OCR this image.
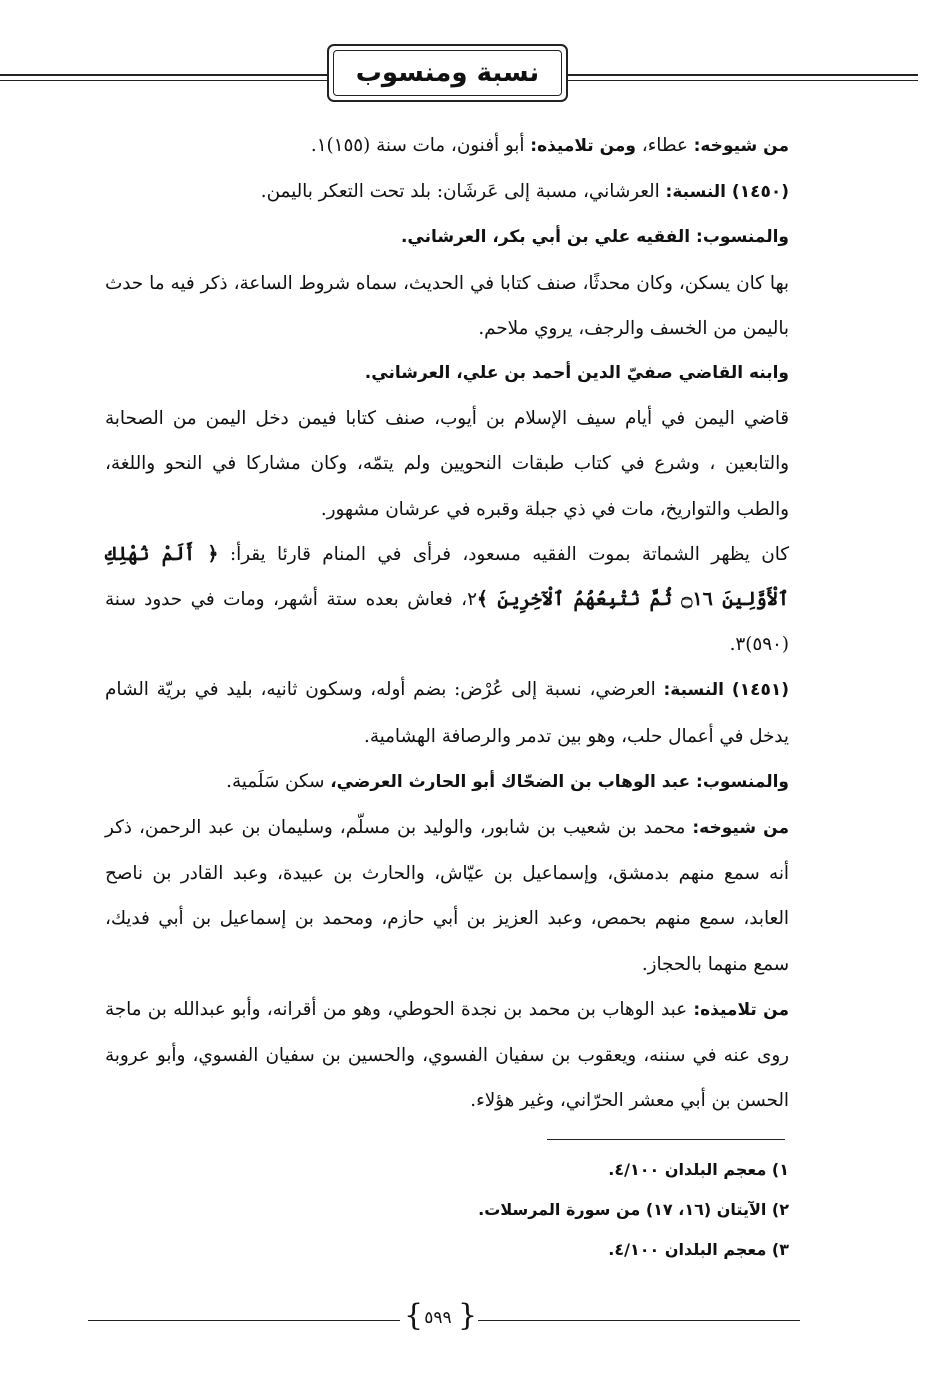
نسبة ومنسوب

من شيوخه: عطاء، ومن تلاميذه: أبو أفنون، مات سنة (١٥٥)١.

(١٤٥٠) النسبة: العرشاني، مسبة إلى عَرشَان: بلد تحت التعكر باليمن.

والمنسوب: الفقيه علي بن أبي بكر، العرشاني.

بها كان يسكن، وكان محدثًا، صنف كتابا في الحديث، سماه شروط الساعة، ذكر فيه ما حدث باليمن من الخسف والرجف، يروي ملاحم.

وابنه القاضي صفيّ الدين أحمد بن علي، العرشاني.

قاضي اليمن في أيام سيف الإسلام بن أيوب، صنف كتابا فيمن دخل اليمن من الصحابة والتابعين ، وشرع في كتاب طبقات النحويين ولم يتمّه، وكان مشاركا في النحو واللغة، والطب والتواريخ، مات في ذي جبلة وقبره في عرشان مشهور.

كان يظهر الشماتة بموت الفقيه مسعود، فرأى في المنام قارئا يقرأ: ﴿ أَلَمْ نُهْلِكِ ٱلْأَوَّلِينَ ۝١٦ ثُمَّ نُتْبِعُهُمُ ٱلْآخِرِينَ ﴾٢، فعاش بعده ستة أشهر، ومات في حدود سنة (٥٩٠)٣.

(١٤٥١) النسبة: العرضي، نسبة إلى عُرْض: بضم أوله، وسكون ثانيه، بليد في بريّة الشام يدخل في أعمال حلب، وهو بين تدمر والرصافة الهشامية.

والمنسوب: عبد الوهاب بن الضحّاك أبو الحارث العرضي، سكن سَلَمية.

من شيوخه: محمد بن شعيب بن شابور، والوليد بن مسلّم، وسليمان بن عبد الرحمن، ذكر أنه سمع منهم بدمشق، وإسماعيل بن عيّاش، والحارث بن عبيدة، وعبد القادر بن ناصح العابد، سمع منهم بحمص، وعبد العزيز بن أبي حازم، ومحمد بن إسماعيل بن أبي فديك، سمع منهما بالحجاز.

من تلاميذه: عبد الوهاب بن محمد بن نجدة الحوطي، وهو من أقرانه، وأبو عبدالله بن ماجة روى عنه في سننه، ويعقوب بن سفيان الفسوي، والحسين بن سفيان الفسوي، وأبو عروبة الحسن بن أبي معشر الحرّاني، وغير هؤلاء.

١) معجم البلدان ٤/١٠٠.

٢) الآيتان (١٦، ١٧) من سورة المرسلات.

٣) معجم البلدان ٤/١٠٠.

{ }
٥٩٩
